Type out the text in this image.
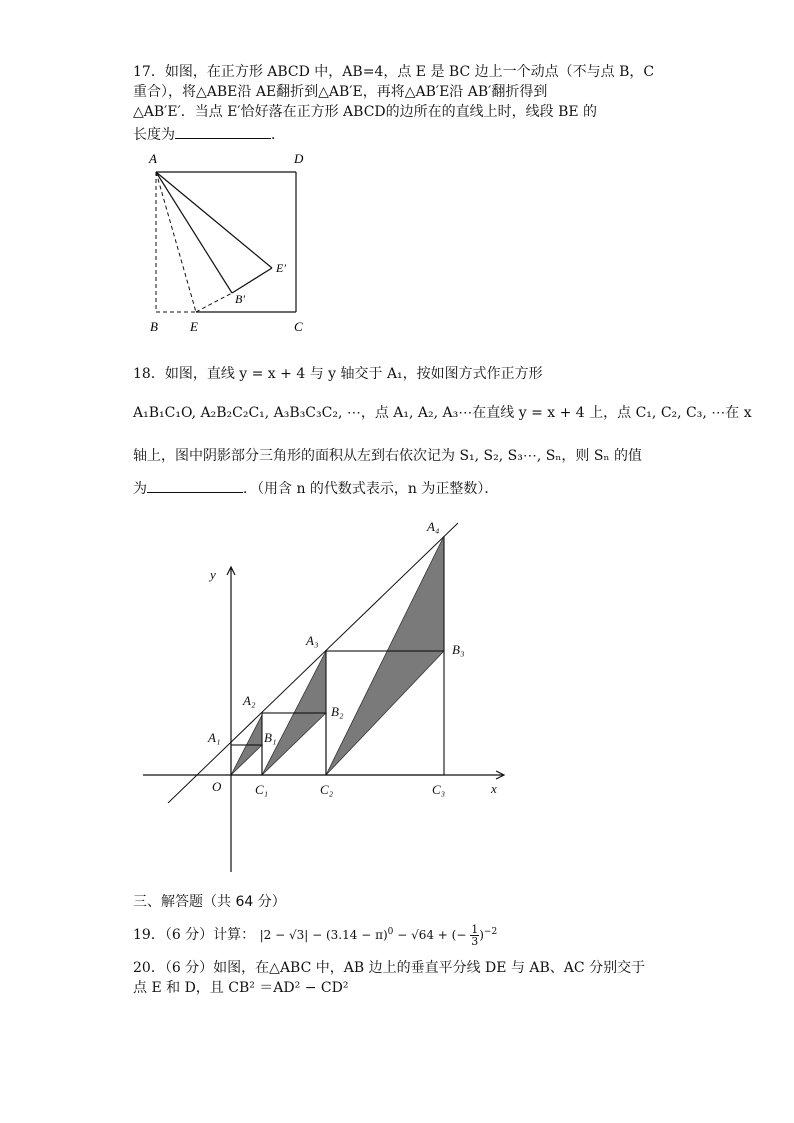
17．如图，在正方形 ABCD 中，AB=4，点 E 是 BC 边上一个动点（不与点 B，C
重合），将△ABE沿 AE翻折到△AB′E，再将△AB′E沿 AB′翻折得到
△AB′E′．当点 E′恰好落在正方形 ABCD的边所在的直线上时，线段 BE 的
长度为	．
A	D
B E	C
B′
E′
18．如图，直线 y = x + 4 与 y 轴交于 A₁，按如图方式作正方形
A₁B₁C₁O, A₂B₂C₂C₁, A₃B₃C₃C₂, ⋯，点 A₁, A₂, A₃⋯在直线 y = x + 4 上，点 C₁, C₂, C₃, ⋯在 x
轴上，图中阴影部分三角形的面积从左到右依次记为 S₁, S₂, S₃⋯, Sₙ，则 Sₙ 的值
为	．（用含 n 的代数式表示，n 为正整数）．
A₁
A₂
A₃
A₄
B₁
B₂
B₃
C₁	C₂	C₃
O	x
y
三、解答题（共 64 分）
19．（6 分）计算： $|2 - √3| - (3.14 - \pi)^0 - √64$ + (− $\frac{1}{3} )^{-2}$
20．（6 分）如图，在△ABC 中，AB 边上的垂直平分线 DE 与 AB、AC 分别交于
点 E 和 D，且 CB² ＝AD² − CD²
